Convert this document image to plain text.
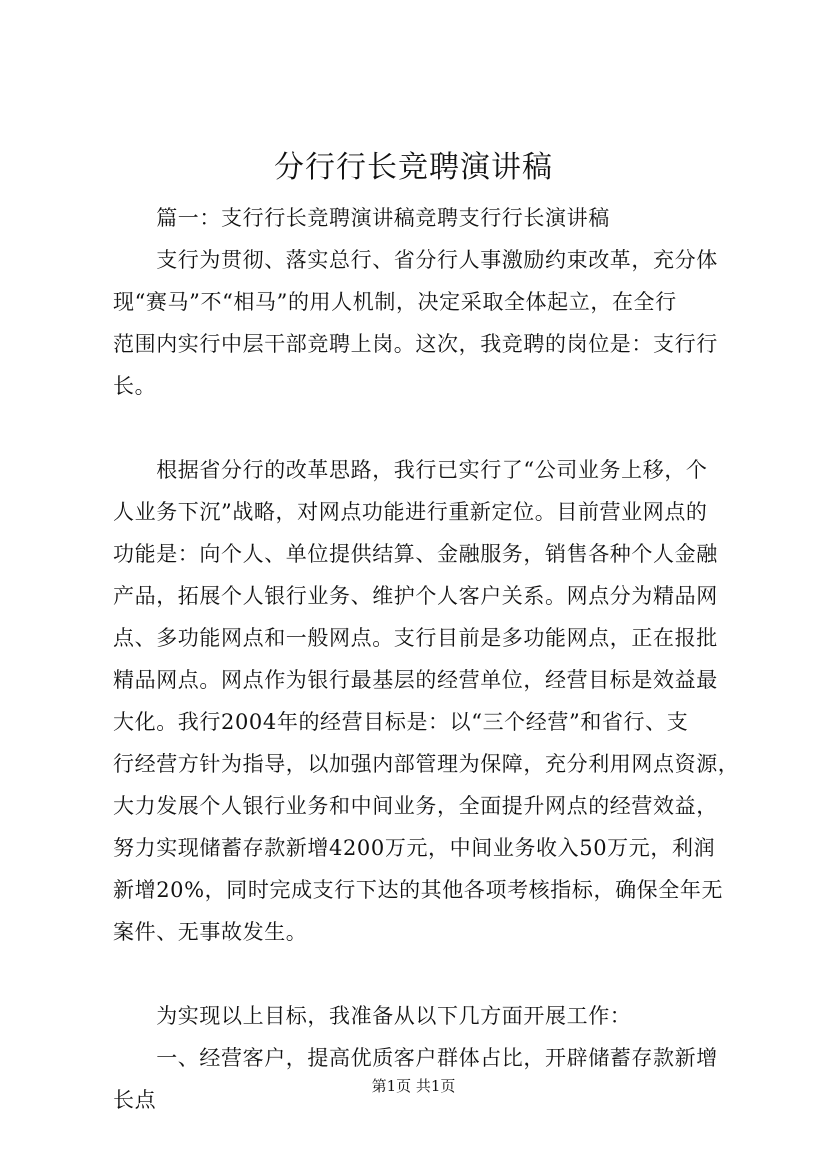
分行行长竞聘演讲稿
　　篇一：支行行长竞聘演讲稿竞聘支行行长演讲稿
　　支行为贯彻、落实总行、省分行人事激励约束改革，充分体
现“赛马”不“相马”的用人机制，决定采取全体起立，在全行
范围内实行中层干部竞聘上岗。这次，我竞聘的岗位是：支行行
长。
　　根据省分行的改革思路，我行已实行了“公司业务上移，个
人业务下沉”战略，对网点功能进行重新定位。目前营业网点的
功能是：向个人、单位提供结算、金融服务，销售各种个人金融
产品，拓展个人银行业务、维护个人客户关系。网点分为精品网
点、多功能网点和一般网点。支行目前是多功能网点，正在报批
精品网点。网点作为银行最基层的经营单位，经营目标是效益最
大化。我行2004年的经营目标是：以“三个经营”和省行、支
行经营方针为指导，以加强内部管理为保障，充分利用网点资源，
大力发展个人银行业务和中间业务，全面提升网点的经营效益，
努力实现储蓄存款新增4200万元，中间业务收入50万元，利润
新增20%，同时完成支行下达的其他各项考核指标，确保全年无
案件、无事故发生。
　　为实现以上目标，我准备从以下几方面开展工作：
　　一、经营客户，提高优质客户群体占比，开辟储蓄存款新增
长点
第1页 共1页
